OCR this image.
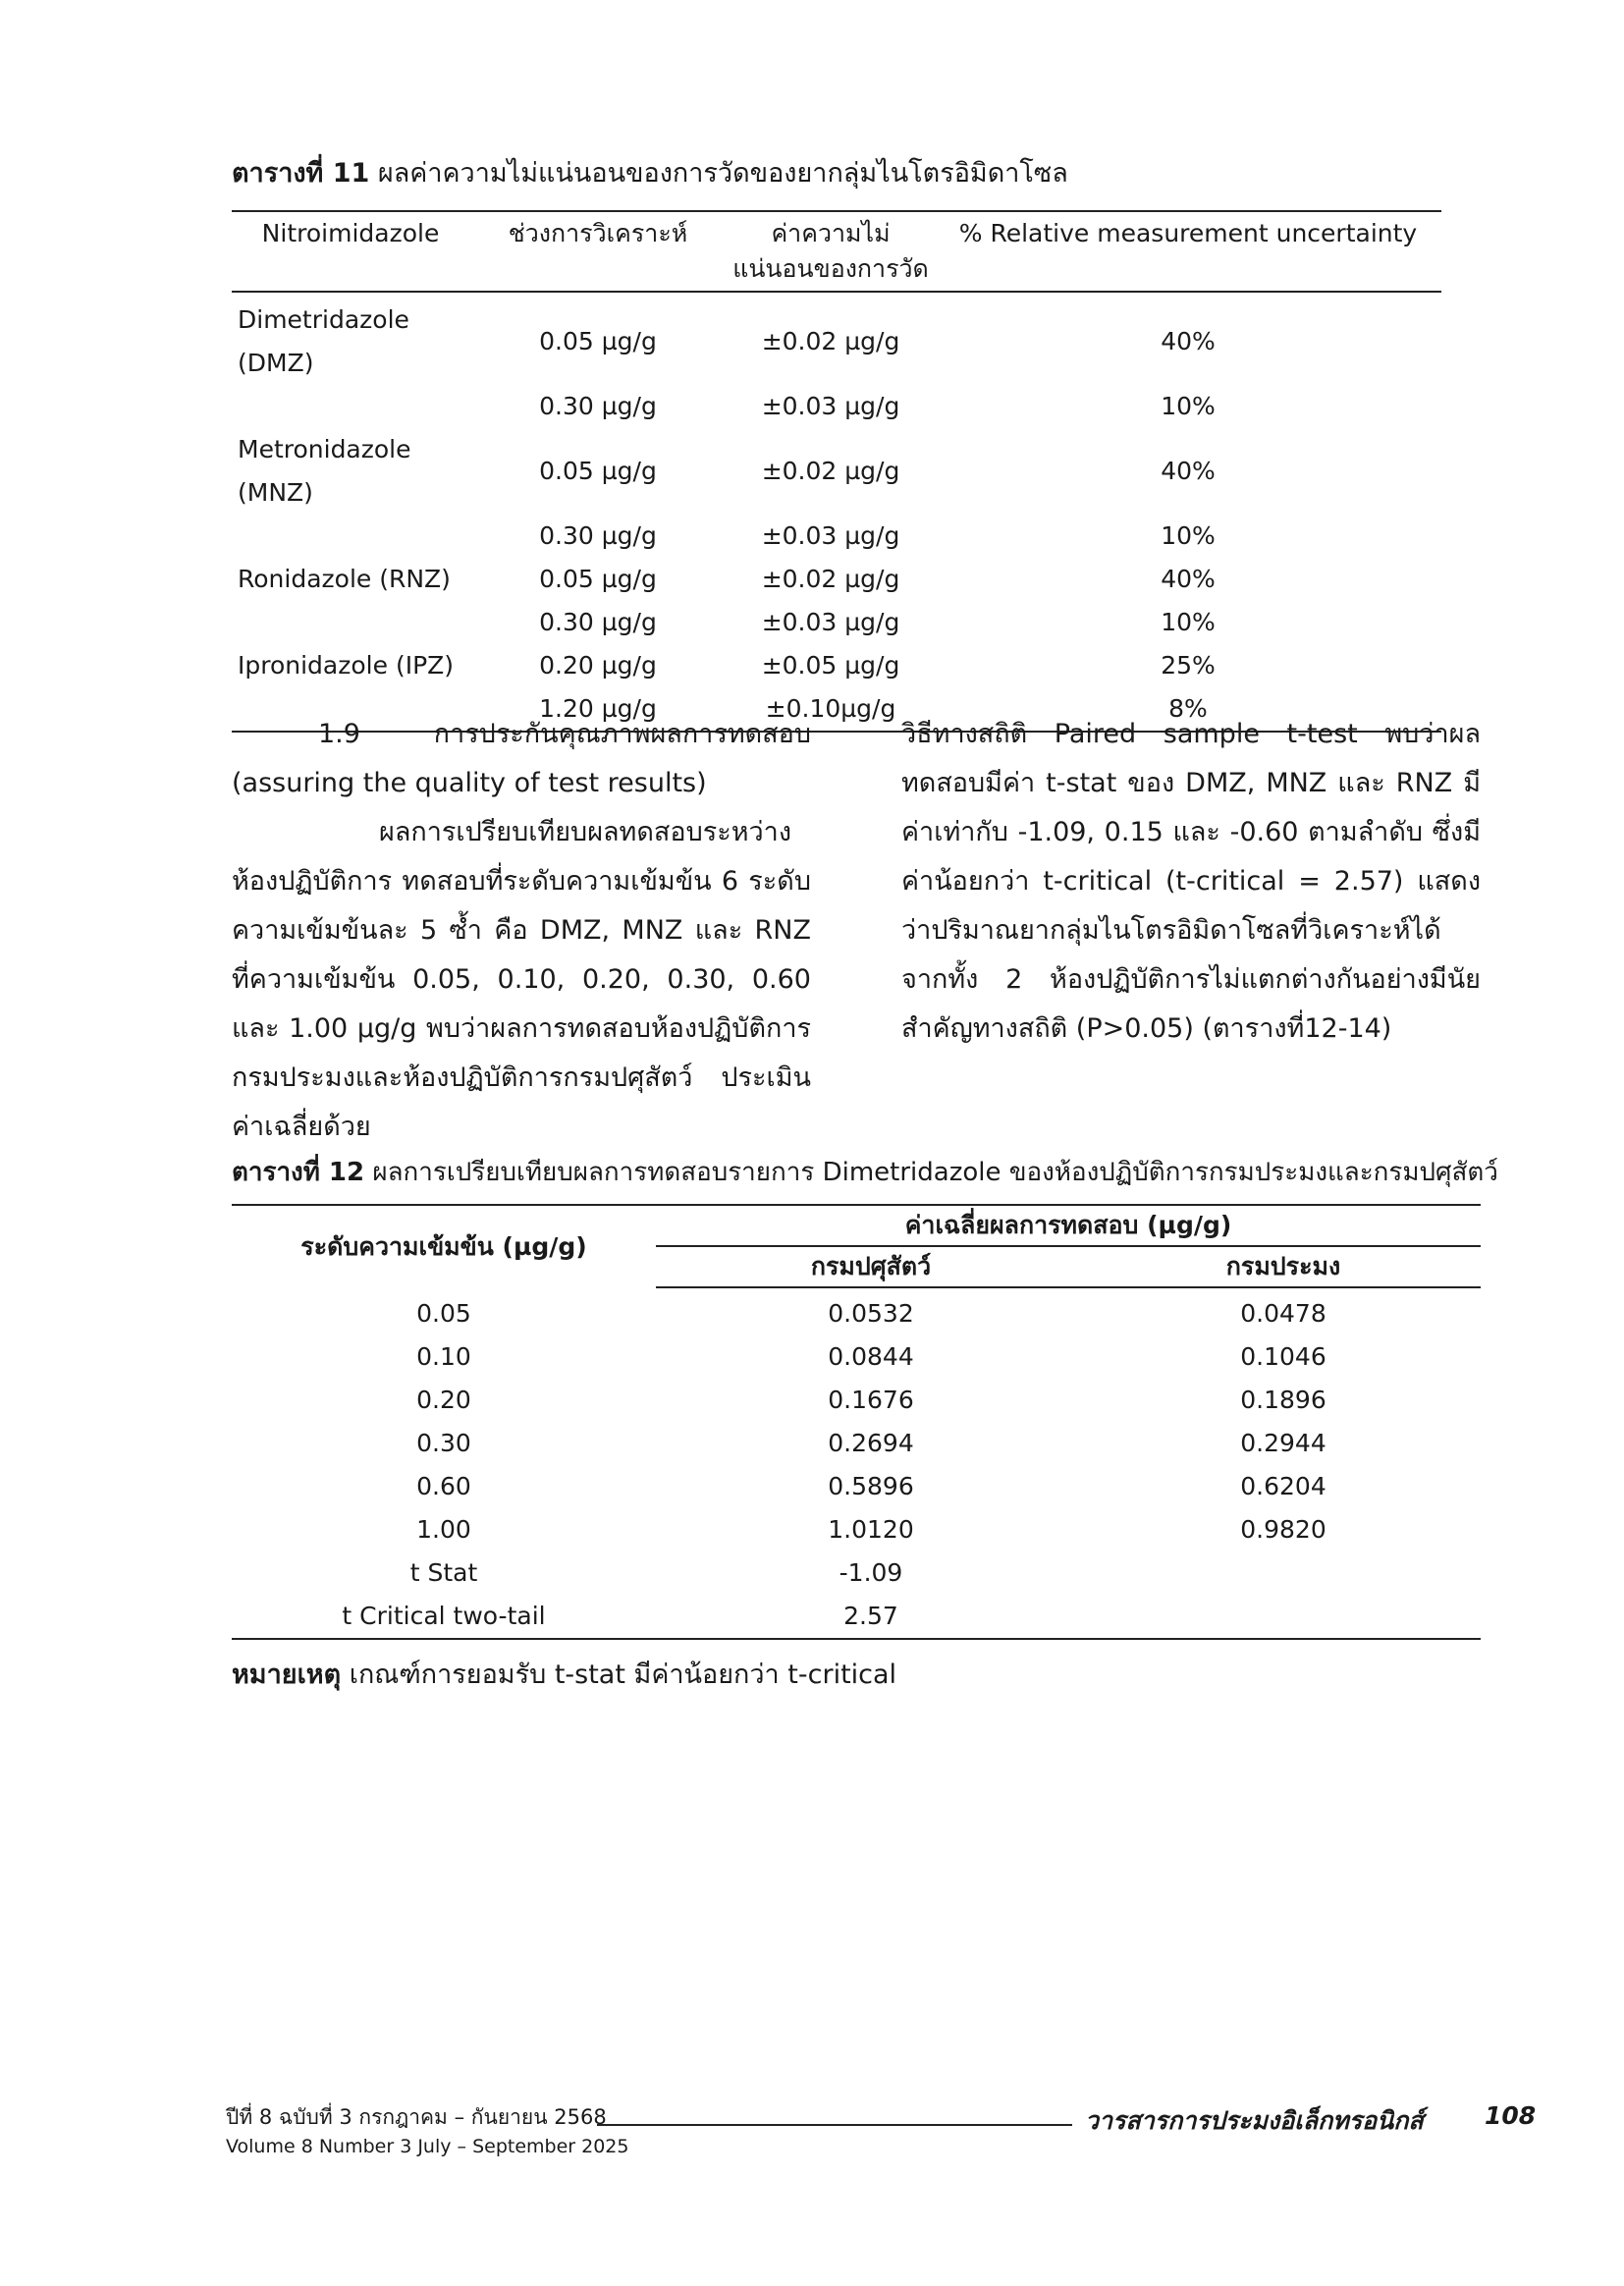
ตารางที่ 11 ผลค่าความไม่แน่นอนของการวัดของยากลุ่มไนโตรอิมิดาโซล
Nitroimidazole	ช่วงการวิเคราะห์	ค่าความไม่แน่นอนของการวัด	% Relative measurement uncertainty
Dimetridazole (DMZ)	0.05 µg/g	±0.02 µg/g	40%
	0.30 µg/g	±0.03 µg/g	10%
Metronidazole (MNZ)	0.05 µg/g	±0.02 µg/g	40%
	0.30 µg/g	±0.03 µg/g	10%
Ronidazole (RNZ)	0.05 µg/g	±0.02 µg/g	40%
	0.30 µg/g	±0.03 µg/g	10%
Ipronidazole (IPZ)	0.20 µg/g	±0.05 µg/g	25%
	1.20 µg/g	±0.10µg/g	8%

1.9 การประกันคุณภาพผลการทดสอบ (assuring the quality of test results)

ผลการเปรียบเทียบผลทดสอบระหว่างห้องปฏิบัติการ ทดสอบที่ระดับความเข้มข้น 6 ระดับ ความเข้มข้นละ 5 ซ้ำ คือ DMZ, MNZ และ RNZ ที่ความเข้มข้น 0.05, 0.10, 0.20, 0.30, 0.60 และ 1.00 µg/g พบว่าผลการทดสอบห้องปฏิบัติการ กรมประมงและห้องปฏิบัติการกรมปศุสัตว์ ประเมินค่าเฉลี่ยด้วย

วิธีทางสถิติ Paired sample t-test พบว่าผลทดสอบมีค่า t-stat ของ DMZ, MNZ และ RNZ มีค่าเท่ากับ -1.09, 0.15 และ -0.60 ตามลำดับ ซึ่งมีค่าน้อยกว่า t-critical (t-critical = 2.57) แสดงว่าปริมาณยากลุ่มไนโตรอิมิดาโซลที่วิเคราะห์ได้จากทั้ง 2 ห้องปฏิบัติการไม่แตกต่างกันอย่างมีนัยสำคัญทางสถิติ (P>0.05) (ตารางที่12-14)

ตารางที่ 12 ผลการเปรียบเทียบผลการทดสอบรายการ Dimetridazole ของห้องปฏิบัติการกรมประมงและกรมปศุสัตว์
ระดับความเข้มข้น (µg/g)	ค่าเฉลี่ยผลการทดสอบ (µg/g)	
	กรมปศุสัตว์	กรมประมง
0.05	0.0532	0.0478
0.10	0.0844	0.1046
0.20	0.1676	0.1896
0.30	0.2694	0.2944
0.60	0.5896	0.6204
1.00	1.0120	0.9820
t Stat	-1.09	
t Critical two-tail	2.57	
หมายเหตุ เกณฑ์การยอมรับ t-stat มีค่าน้อยกว่า t-critical
ปีที่ 8 ฉบับที่ 3 กรกฎาคม – กันยายน 2568
Volume 8 Number 3 July – September 2025
วารสารการประมงอิเล็กทรอนิกส์ 108
